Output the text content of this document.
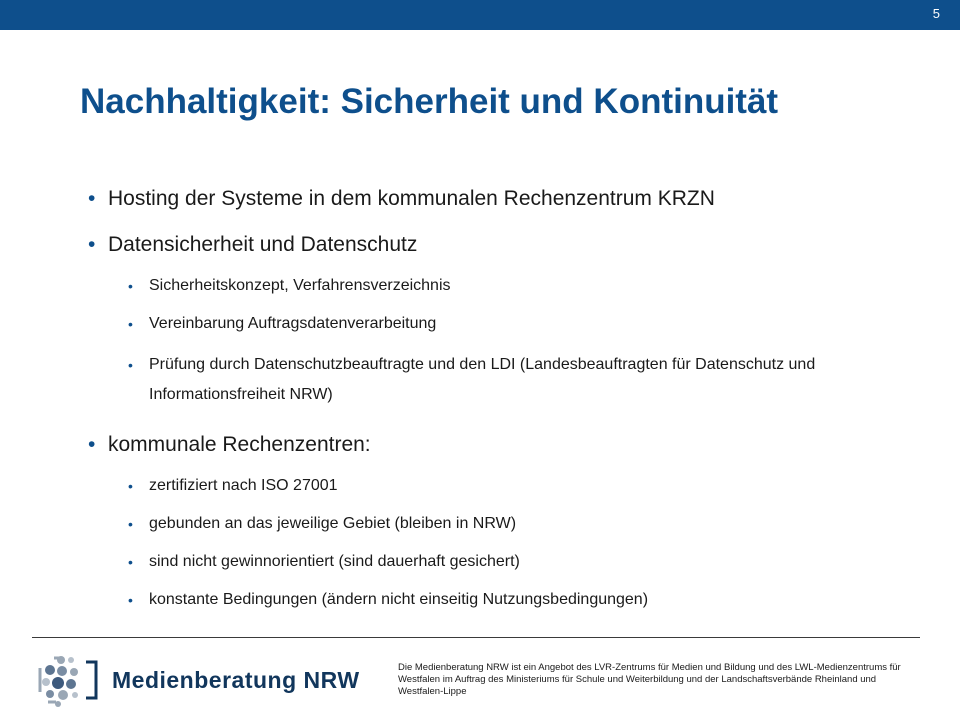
5
Nachhaltigkeit: Sicherheit und Kontinuität
• Hosting der Systeme in dem kommunalen Rechenzentrum KRZN
• Datensicherheit und Datenschutz
• Sicherheitskonzept, Verfahrensverzeichnis
• Vereinbarung Auftragsdatenverarbeitung
• Prüfung durch Datenschutzbeauftragte und den LDI (Landesbeauftragten für Datenschutz und Informationsfreiheit NRW)
• kommunale Rechenzentren:
• zertifiziert nach ISO 27001
• gebunden an das jeweilige Gebiet (bleiben in NRW)
• sind nicht gewinnorientiert (sind dauerhaft gesichert)
• konstante Bedingungen (ändern nicht einseitig Nutzungsbedingungen)
Medienberatung NRW	Die Medienberatung NRW ist ein Angebot des LVR-Zentrums für Medien und Bildung und des LWL-Medienzentrums für Westfalen im Auftrag des Ministeriums für Schule und Weiterbildung und der Landschaftsverbände Rheinland und Westfalen-Lippe
